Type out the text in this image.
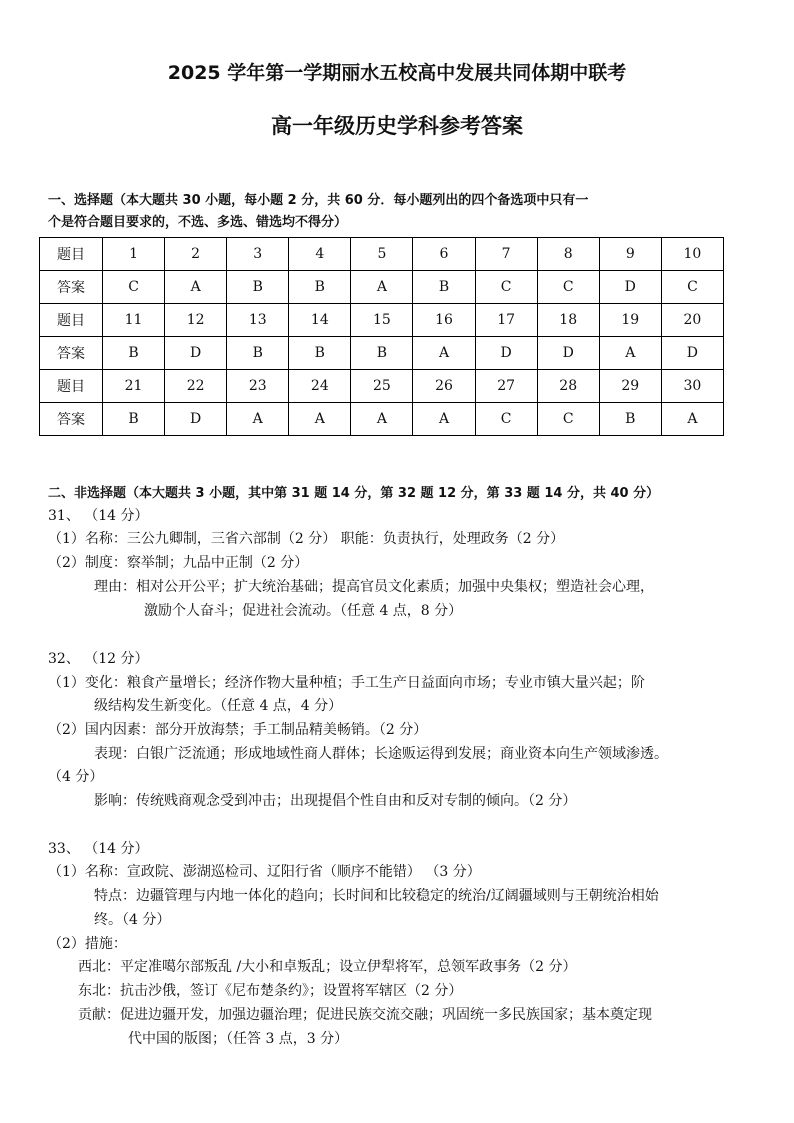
2025 学年第一学期丽水五校高中发展共同体期中联考
高一年级历史学科参考答案
一、选择题（本大题共 30 小题，每小题 2 分，共 60 分．每小题列出的四个备选项中只有一
个是符合题目要求的，不选、多选、错选均不得分）
题目	1	2	3	4	5	6	7	8	9	10
答案	C	A	B	B	A	B	C	C	D	C
题目	11	12	13	14	15	16	17	18	19	20
答案	B	D	B	B	B	A	D	D	A	D
题目	21	22	23	24	25	26	27	28	29	30
答案	B	D	A	A	A	A	C	C	B	A
二、非选择题（本大题共 3 小题，其中第 31 题 14 分，第 32 题 12 分，第 33 题 14 分，共 40 分）
31、 （14 分）
（1）名称：三公九卿制，三省六部制（2 分） 职能：负责执行，处理政务（2 分）
（2）制度：察举制；九品中正制（2 分）
理由：相对公开公平；扩大统治基础；提高官员文化素质；加强中央集权；塑造社会心理，
激励个人奋斗；促进社会流动。（任意 4 点，8 分）
32、 （12 分）
（1）变化：粮食产量增长；经济作物大量种植；手工生产日益面向市场；专业市镇大量兴起；阶
级结构发生新变化。（任意 4 点，4 分）
（2）国内因素：部分开放海禁；手工制品精美畅销。（2 分）
表现：白银广泛流通；形成地域性商人群体；长途贩运得到发展；商业资本向生产领域渗透。
（4 分）
影响：传统贱商观念受到冲击；出现提倡个性自由和反对专制的倾向。（2 分）
33、 （14 分）
（1）名称：宣政院、澎湖巡检司、辽阳行省（顺序不能错） （3 分）
特点：边疆管理与内地一体化的趋向；长时间和比较稳定的统治/辽阔疆域则与王朝统治相始
终。（4 分）
（2）措施：
西北：平定准噶尔部叛乱 /大小和卓叛乱；设立伊犁将军，总领军政事务（2 分）
东北：抗击沙俄，签订《尼布楚条约》；设置将军辖区（2 分）
贡献：促进边疆开发，加强边疆治理；促进民族交流交融；巩固统一多民族国家；基本奠定现
代中国的版图；（任答 3 点，3 分）
